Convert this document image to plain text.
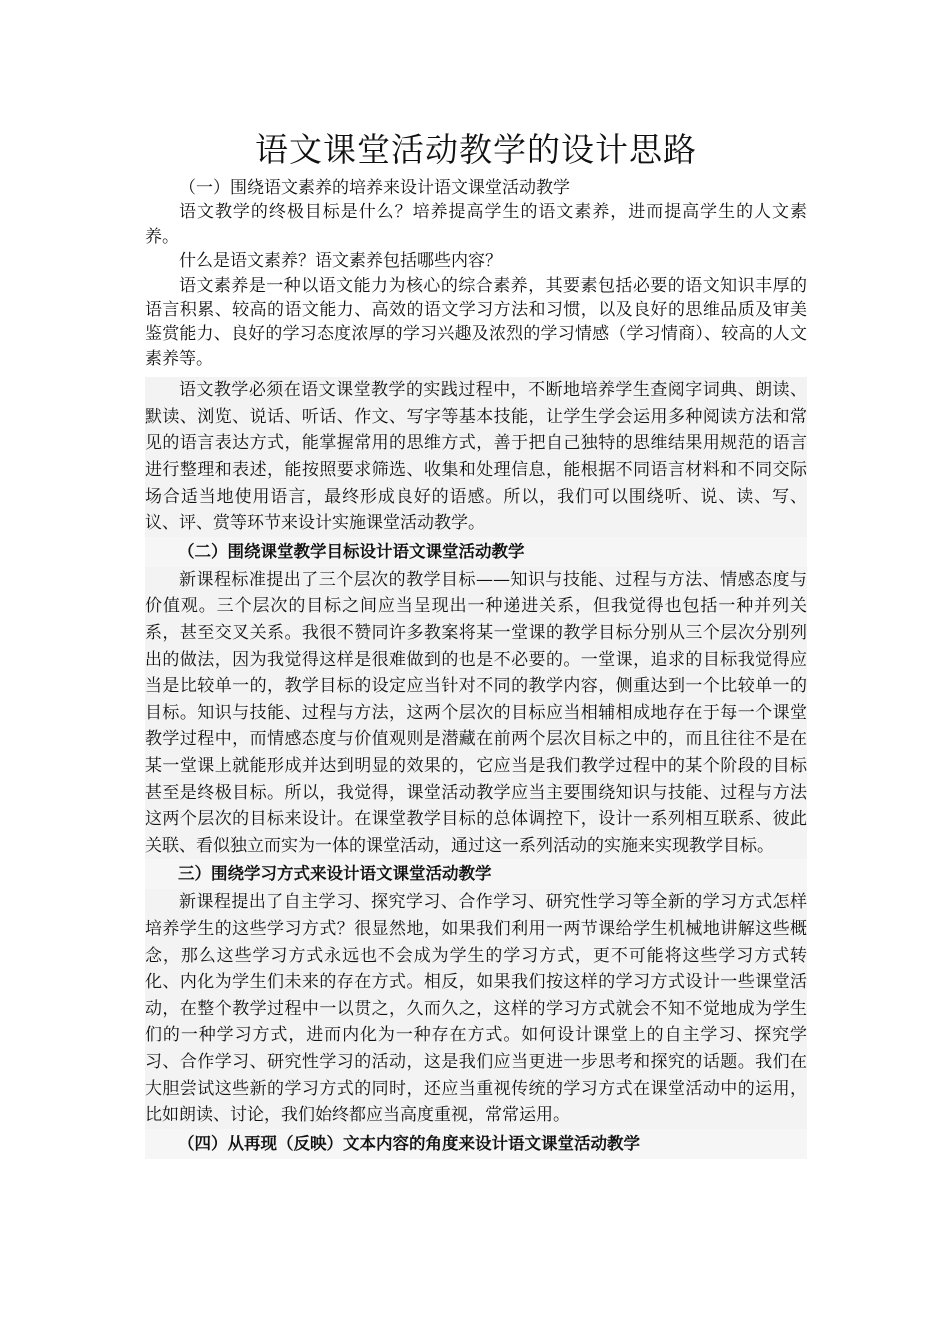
语文课堂活动教学的设计思路

（一）围绕语文素养的培养来设计语文课堂活动教学

语文教学的终极目标是什么？培养提高学生的语文素养，进而提高学生的人文素养。

什么是语文素养？语文素养包括哪些内容？

语文素养是一种以语文能力为核心的综合素养，其要素包括必要的语文知识丰厚的语言积累、较高的语文能力、高效的语文学习方法和习惯，以及良好的思维品质及审美鉴赏能力、良好的学习态度浓厚的学习兴趣及浓烈的学习情感（学习情商）、较高的人文素养等。

语文教学必须在语文课堂教学的实践过程中，不断地培养学生查阅字词典、朗读、默读、浏览、说话、听话、作文、写字等基本技能，让学生学会运用多种阅读方法和常见的语言表达方式，能掌握常用的思维方式，善于把自己独特的思维结果用规范的语言进行整理和表述，能按照要求筛选、收集和处理信息，能根据不同语言材料和不同交际场合适当地使用语言，最终形成良好的语感。所以，我们可以围绕听、说、读、写、议、评、赏等环节来设计实施课堂活动教学。

（二）围绕课堂教学目标设计语文课堂活动教学

新课程标准提出了三个层次的教学目标——知识与技能、过程与方法、情感态度与价值观。三个层次的目标之间应当呈现出一种递进关系，但我觉得也包括一种并列关系，甚至交叉关系。我很不赞同许多教案将某一堂课的教学目标分别从三个层次分别列出的做法，因为我觉得这样是很难做到的也是不必要的。一堂课，追求的目标我觉得应当是比较单一的，教学目标的设定应当针对不同的教学内容，侧重达到一个比较单一的目标。知识与技能、过程与方法，这两个层次的目标应当相辅相成地存在于每一个课堂教学过程中，而情感态度与价值观则是潜藏在前两个层次目标之中的，而且往往不是在某一堂课上就能形成并达到明显的效果的，它应当是我们教学过程中的某个阶段的目标甚至是终极目标。所以，我觉得，课堂活动教学应当主要围绕知识与技能、过程与方法这两个层次的目标来设计。在课堂教学目标的总体调控下，设计一系列相互联系、彼此关联、看似独立而实为一体的课堂活动，通过这一系列活动的实施来实现教学目标。

三）围绕学习方式来设计语文课堂活动教学

新课程提出了自主学习、探究学习、合作学习、研究性学习等全新的学习方式怎样培养学生的这些学习方式？很显然地，如果我们利用一两节课给学生机械地讲解这些概念，那么这些学习方式永远也不会成为学生的学习方式，更不可能将这些学习方式转化、内化为学生们未来的存在方式。相反，如果我们按这样的学习方式设计一些课堂活动，在整个教学过程中一以贯之，久而久之，这样的学习方式就会不知不觉地成为学生们的一种学习方式，进而内化为一种存在方式。如何设计课堂上的自主学习、探究学习、合作学习、研究性学习的活动，这是我们应当更进一步思考和探究的话题。我们在大胆尝试这些新的学习方式的同时，还应当重视传统的学习方式在课堂活动中的运用，比如朗读、讨论，我们始终都应当高度重视，常常运用。

（四）从再现（反映）文本内容的角度来设计语文课堂活动教学
